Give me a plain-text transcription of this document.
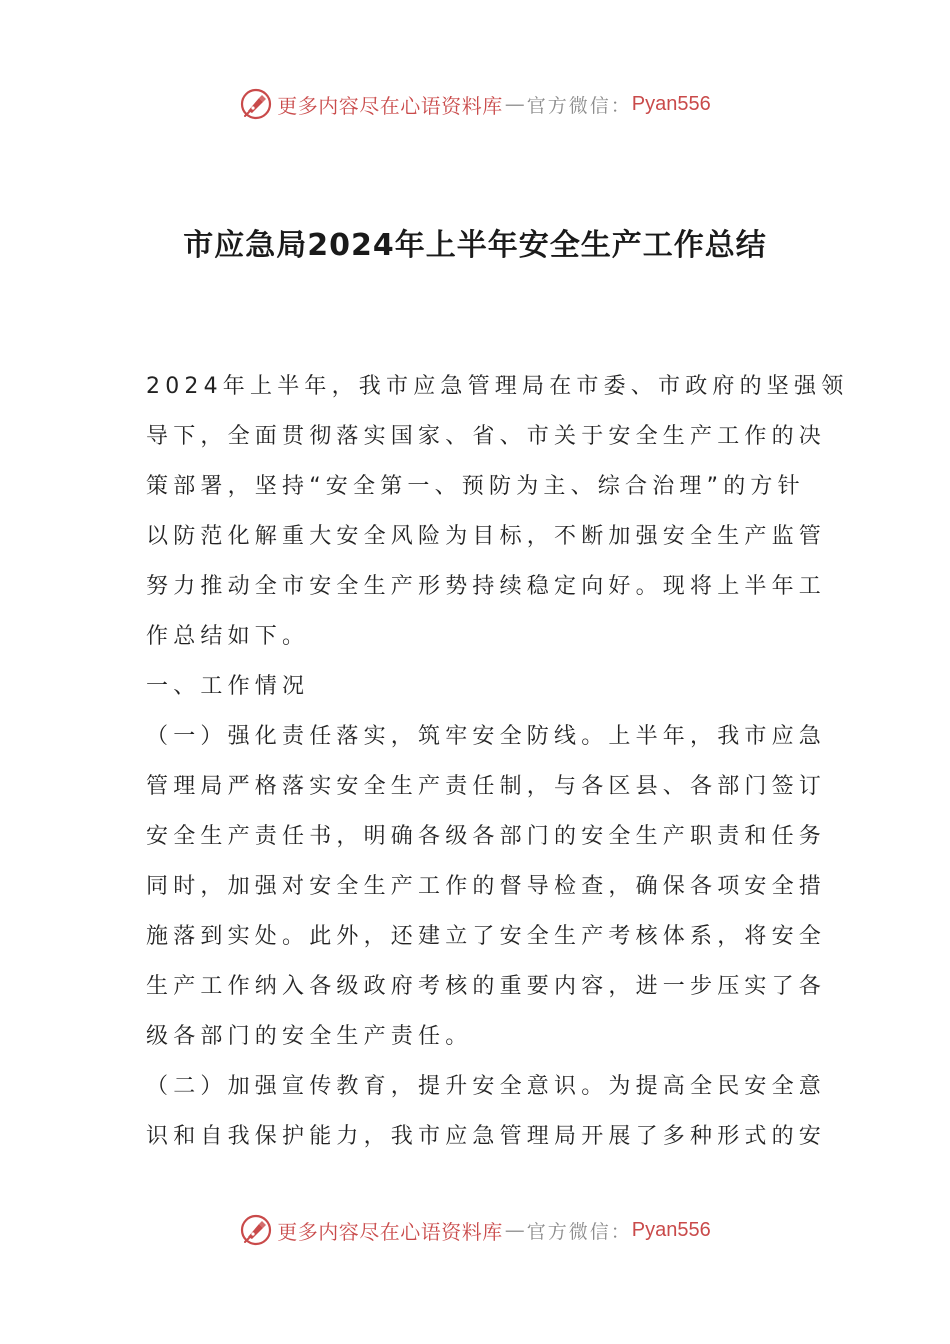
更多内容尽在心语资料库 — 官方微信： Pyan556
市应急局2024年上半年安全生产工作总结
2024年上半年，我市应急管理局在市委、市政府的坚强领
导下，全面贯彻落实国家、省、市关于安全生产工作的决
策部署，坚持“安全第一、预防为主、综合治理”的方针
以防范化解重大安全风险为目标，不断加强安全生产监管
努力推动全市安全生产形势持续稳定向好。现将上半年工
作总结如下。
一、工作情况
（一）强化责任落实，筑牢安全防线。上半年，我市应急
管理局严格落实安全生产责任制，与各区县、各部门签订
安全生产责任书，明确各级各部门的安全生产职责和任务
同时，加强对安全生产工作的督导检查，确保各项安全措
施落到实处。此外，还建立了安全生产考核体系，将安全
生产工作纳入各级政府考核的重要内容，进一步压实了各
级各部门的安全生产责任。
（二）加强宣传教育，提升安全意识。为提高全民安全意
识和自我保护能力，我市应急管理局开展了多种形式的安
更多内容尽在心语资料库 — 官方微信： Pyan556
